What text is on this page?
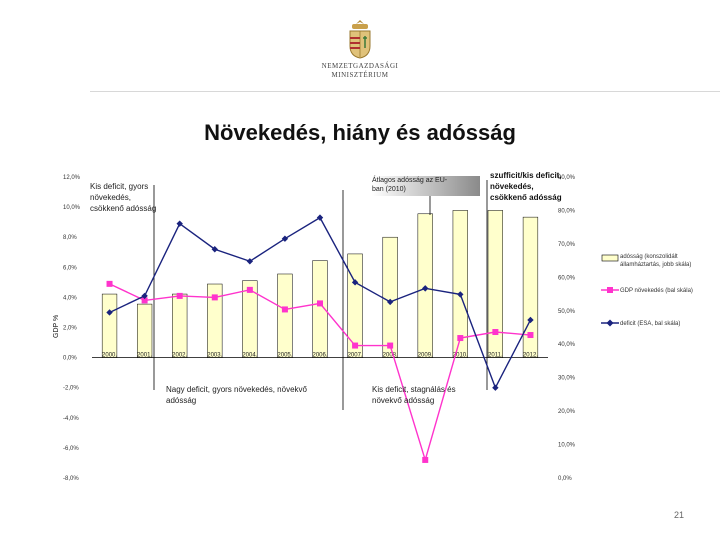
NEMZETGAZDASÁGI
MINISZTÉRIUM
Növekedés, hiány és adósság
12,0%
10,0%
8,0%
6,0%
4,0%
2,0%
0,0%
-2,0%
-4,0%
-6,0%
-8,0%
GDP %
90,0%
80,0%
70,0%
60,0%
50,0%
40,0%
30,0%
20,0%
10,0%
0,0%
2000.	2001.	2002.	2003.	2004.	2005.	2006.	2007.	2008.	2009.	2010.	2011.	2012.
Kis deficit, gyors növekedés, csökkenő adósság
Átlagos adósság az EU-ban (2010)
szufficit/kis deficit, növekedés, csökkenő adósság
Nagy deficit, gyors növekedés, növekvő adósság
Kis deficit, stagnálás és növekvő adósság
adósság (konszolidált államháztartás, jobb skála)
GDP növekedés (bal skála)
deficit (ESA, bal skála)
21
